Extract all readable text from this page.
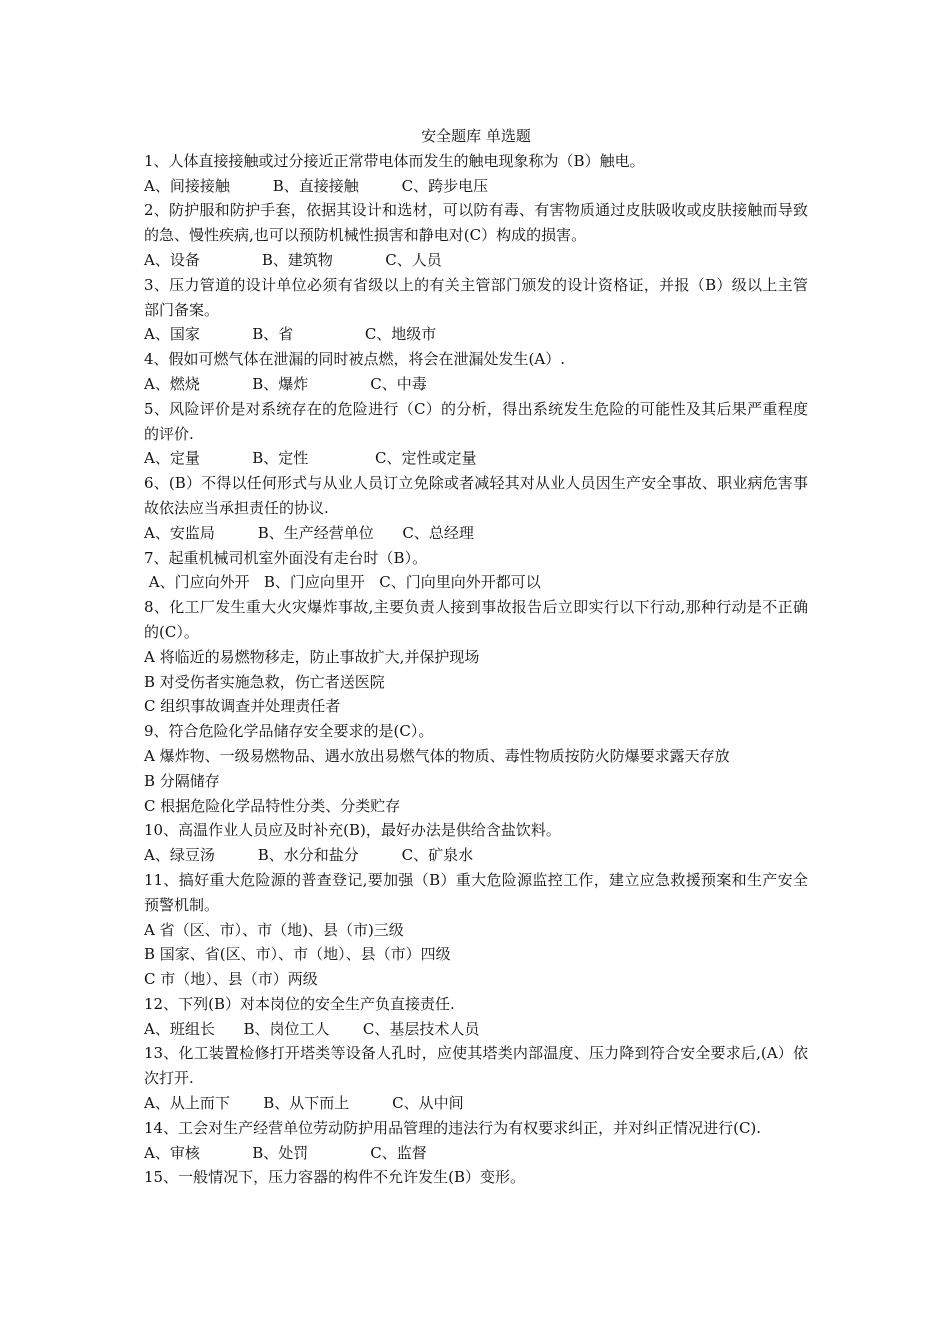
安全题库 单选题
1、人体直接接触或过分接近正常带电体而发生的触电现象称为（B）触电。
A、间接接触         B、直接接触         C、跨步电压
2、防护服和防护手套，依据其设计和选材，可以防有毒、有害物质通过皮肤吸收或皮肤接触而导致的急、慢性疾病,也可以预防机械性损害和静电对(C）构成的损害。
A、设备             B、建筑物           C、人员
3、压力管道的设计单位必须有省级以上的有关主管部门颁发的设计资格证，并报（B）级以上主管部门备案。
A、国家           B、省               C、地级市
4、假如可燃气体在泄漏的同时被点燃，将会在泄漏处发生(A）.
A、燃烧           B、爆炸             C、中毒
5、风险评价是对系统存在的危险进行（C）的分析，得出系统发生危险的可能性及其后果严重程度的评价.
A、定量           B、定性              C、定性或定量
6、(B）不得以任何形式与从业人员订立免除或者减轻其对从业人员因生产安全事故、职业病危害事故依法应当承担责任的协议.
A、安监局         B、生产经营单位      C、总经理
7、起重机械司机室外面没有走台时（B）。
A、门应向外开   B、门应向里开   C、门向里向外开都可以
8、化工厂发生重大火灾爆炸事故,主要负责人接到事故报告后立即实行以下行动,那种行动是不正确的(C）。
A 将临近的易燃物移走，防止事故扩大,并保护现场
B 对受伤者实施急救，伤亡者送医院
C 组织事故调查并处理责任者
9、符合危险化学品储存安全要求的是(C）。
A 爆炸物、一级易燃物品、遇水放出易燃气体的物质、毒性物质按防火防爆要求露天存放
B 分隔储存
C 根据危险化学品特性分类、分类贮存
10、高温作业人员应及时补充(B)，最好办法是供给含盐饮料。
A、绿豆汤         B、水分和盐分         C、矿泉水
11、搞好重大危险源的普查登记,要加强（B）重大危险源监控工作，建立应急救援预案和生产安全预警机制。
A 省（区、市）、市（地)、县（市)三级
B 国家、省(区、市）、市（地）、县（市）四级
C 市（地）、县（市）两级
12、下列(B）对本岗位的安全生产负直接责任.
A、班组长      B、岗位工人       C、基层技术人员
13、化工装置检修打开塔类等设备人孔时，应使其塔类内部温度、压力降到符合安全要求后,(A）依次打开.
A、从上而下       B、从下而上         C、从中间
14、工会对生产经营单位劳动防护用品管理的违法行为有权要求纠正，并对纠正情况进行(C).
A、审核           B、处罚             C、监督
15、一般情况下，压力容器的构件不允许发生(B）变形。
